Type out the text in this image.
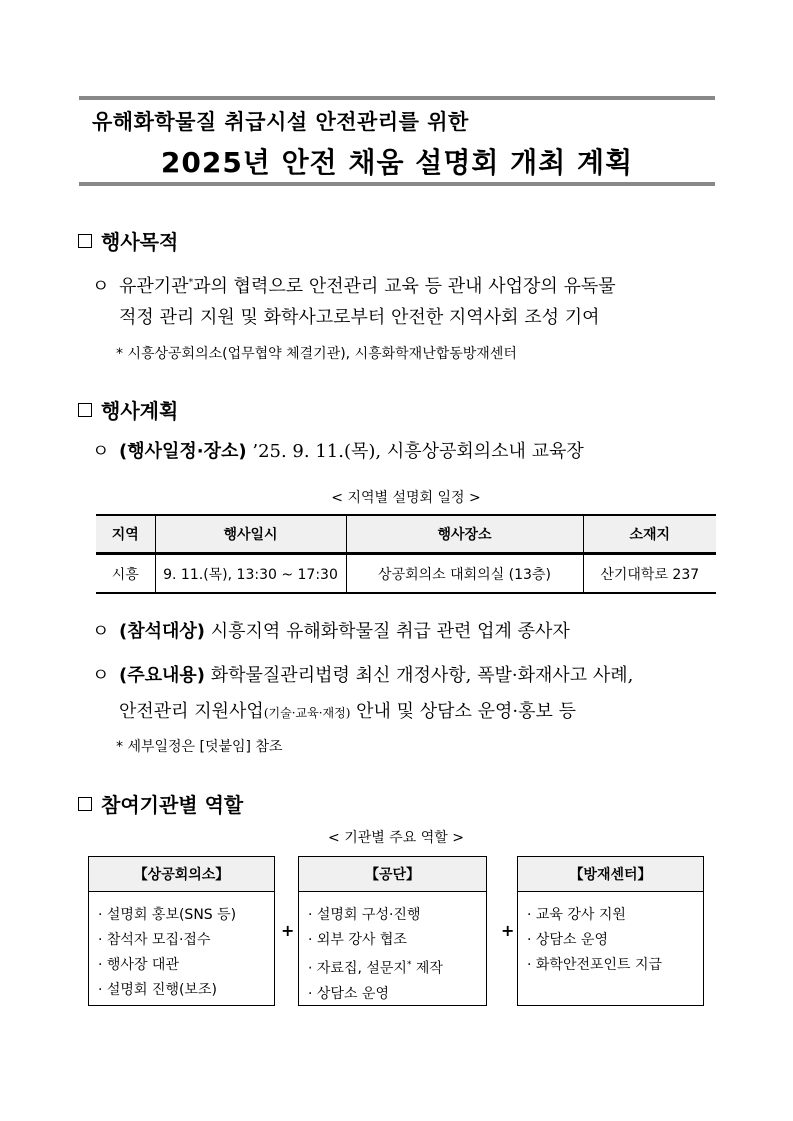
유해화학물질 취급시설 안전관리를 위한
2025년 안전 채움 설명회 개최 계획
행사목적
ㅇ 유관기관*과의 협력으로 안전관리 교육 등 관내 사업장의 유독물
적정 관리 지원 및 화학사고로부터 안전한 지역사회 조성 기여
* 시흥상공회의소(업무협약 체결기관), 시흥화학재난합동방재센터
행사계획
ㅇ (행사일정·장소) ’25. 9. 11.(목), 시흥상공회의소내 교육장
< 지역별 설명회 일정 >
지역	행사일시	행사장소	소재지
시흥	9. 11.(목), 13:30 ~ 17:30	상공회의소 대회의실 (13층)	산기대학로 237
ㅇ (참석대상) 시흥지역 유해화학물질 취급 관련 업계 종사자
ㅇ (주요내용) 화학물질관리법령 최신 개정사항, 폭발·화재사고 사례,
안전관리 지원사업(기술·교육·재정) 안내 및 상담소 운영·홍보 등
* 세부일정은 [덧붙임] 참조
참여기관별 역할
< 기관별 주요 역할 >
【상공회의소】
· 설명회 홍보(SNS 등)
· 참석자 모집·접수
· 행사장 대관
· 설명회 진행(보조)
+
【공단】
· 설명회 구성·진행
· 외부 강사 협조
· 자료집, 설문지* 제작
· 상담소 운영
+
【방재센터】
· 교육 강사 지원
· 상담소 운영
· 화학안전포인트 지급
